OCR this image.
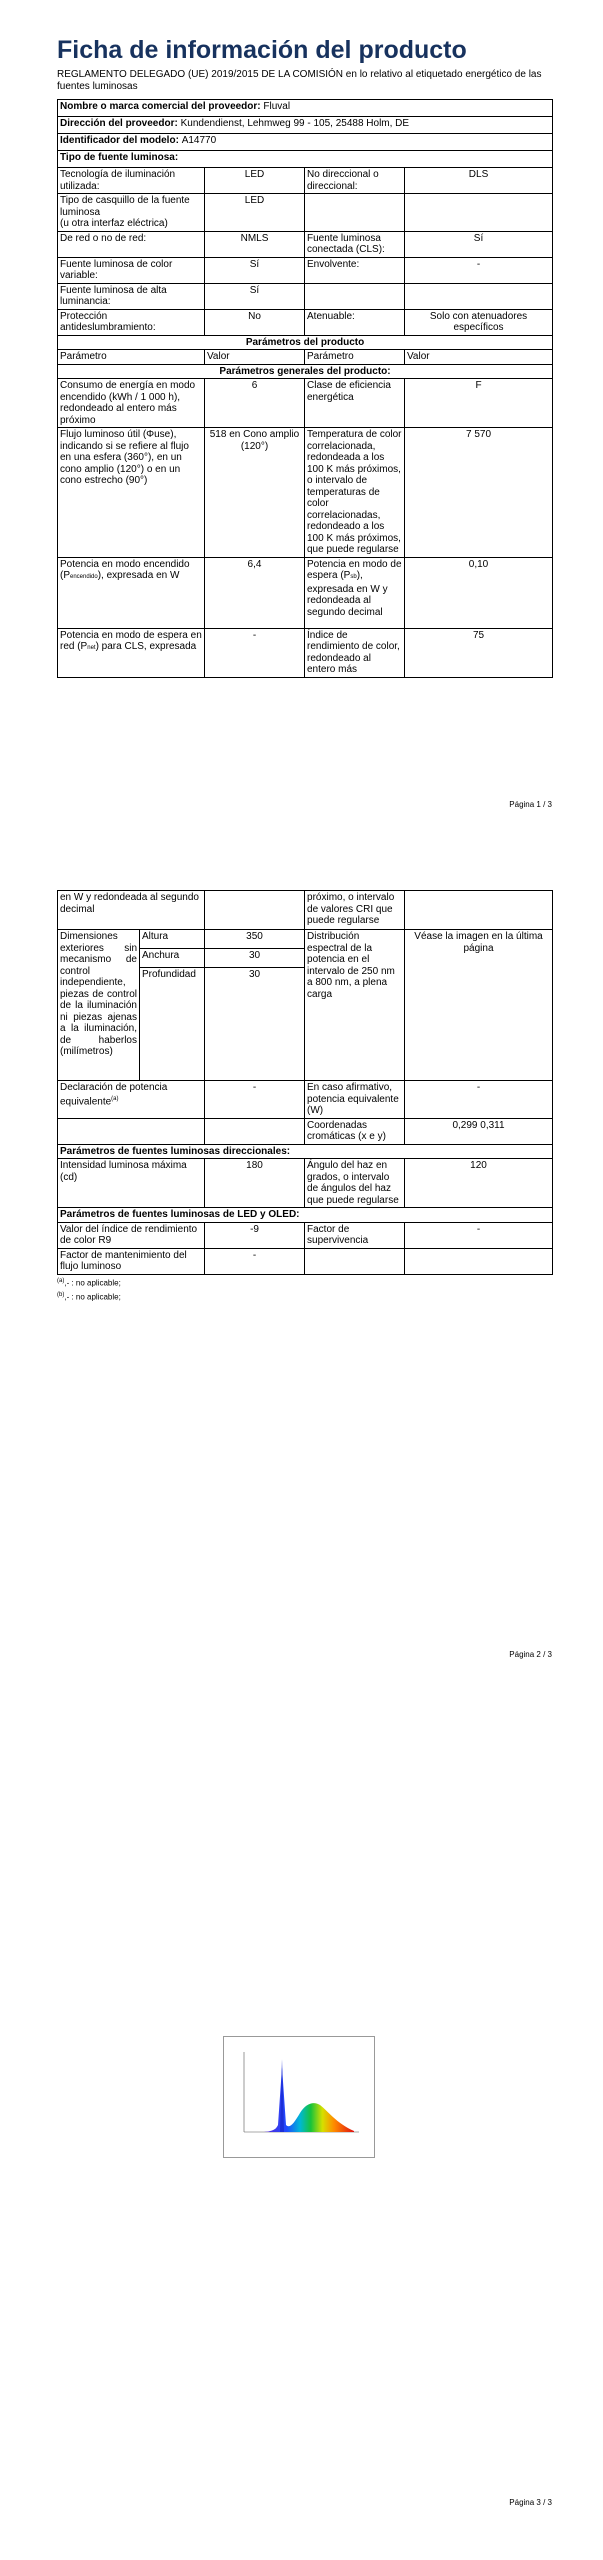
Ficha de información del producto
REGLAMENTO DELEGADO (UE) 2019/2015 DE LA COMISIÓN en lo relativo al etiquetado energético de las fuentes luminosas
Nombre o marca comercial del proveedor: Fluval			
Dirección del proveedor: Kundendienst, Lehmweg 99 - 105, 25488 Holm, DE			
Identificador del modelo: A14770			
Tipo de fuente luminosa:			
Tecnología de iluminación utilizada:	LED	No direccional o direccional:	DLS

Tipo de casquillo de la fuente luminosa
(u otra interfaz eléctrica)	LED		
De red o no de red:	NMLS	Fuente luminosa conectada (CLS):	Sí
Fuente luminosa de color variable:	Sí	Envolvente:	-
Fuente luminosa de alta luminancia:	Sí		
Protección antideslumbramiento:	No	Atenuable:	Solo con atenuadores específicos
Parámetros del producto			
Parámetro	Valor	Parámetro	Valor
Parámetros generales del producto:			
Consumo de energía en modo encendido (kWh / 1 000 h), redondeado al entero más próximo	6	Clase de eficiencia energética	F
Flujo luminoso útil (Φuse), indicando si se refiere al flujo en una esfera (360°), en un cono amplio (120°) o en un cono estrecho (90°)	518 en Cono amplio (120°)	Temperatura de color correlacionada, redondeada a los 100 K más próximos, o intervalo de temperaturas de color correlacionadas, redondeado a los 100 K más próximos, que puede regularse	7 570
Potencia en modo encendido (Pencendido), expresada en W	6,4	Potencia en modo de espera (Psb), expresada en W y redondeada al segundo decimal	0,10
Potencia en modo de espera en red (Pnet) para CLS, expresada	-	Índice de rendimiento de color, redondeado al entero más	75
Página 1 / 3
en W y redondeada al segundo decimal			próximo, o intervalo de valores CRI que puede regularse	
Dimensiones exteriores sin mecanismo de control independiente, piezas de control de la iluminación ni piezas ajenas a la iluminación, de haberlos (milímetros)	Altura	350	Distribución espectral de la potencia en el intervalo de 250 nm a 800 nm, a plena carga	Véase la imagen en la última página
	Anchura	30		
	Profundidad	30		
Declaración de potencia equivalente$^{(a)}$		-	En caso afirmativo, potencia equivalente (W)	-
			Coordenadas cromáticas (x e y)	0,299 0,311
Parámetros de fuentes luminosas direccionales:				
Intensidad luminosa máxima (cd)		180	Ángulo del haz en grados, o intervalo de ángulos del haz que puede regularse	120
Parámetros de fuentes luminosas de LED y OLED:				
Valor del índice de rendimiento de color R9		-9	Factor de supervivencia	-
Factor de mantenimiento del flujo luminoso		-		
$^{(a)}$,- : no aplicable;
$^{(b)}$,- : no aplicable;
Página 2 / 3
Página 3 / 3
